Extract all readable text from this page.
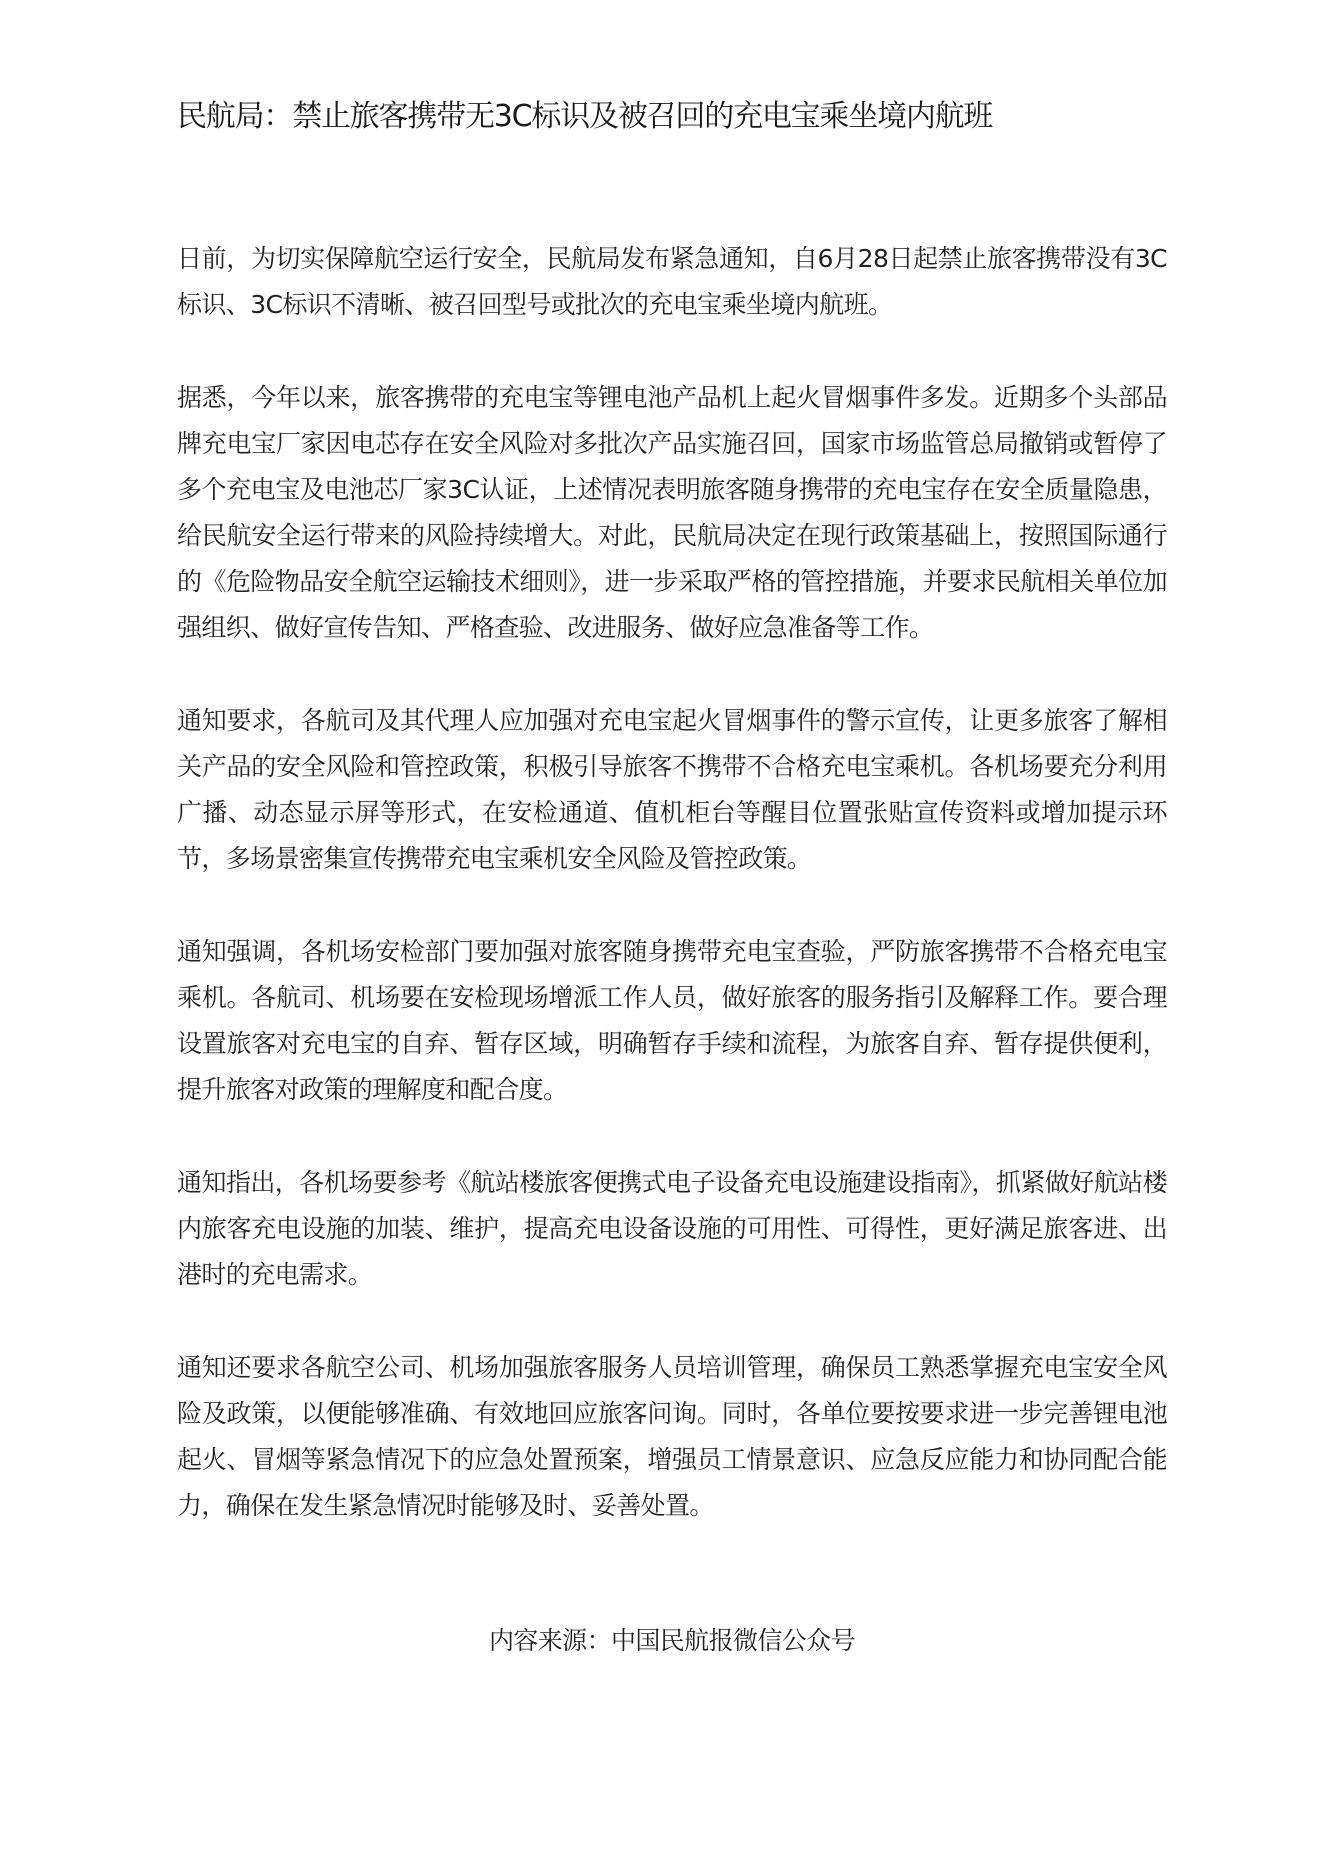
民航局：禁止旅客携带无3C标识及被召回的充电宝乘坐境内航班

日前，为切实保障航空运行安全，民航局发布紧急通知，自6月28日起禁止旅客携带没有3C标识、3C标识不清晰、被召回型号或批次的充电宝乘坐境内航班。

据悉，今年以来，旅客携带的充电宝等锂电池产品机上起火冒烟事件多发。近期多个头部品牌充电宝厂家因电芯存在安全风险对多批次产品实施召回，国家市场监管总局撤销或暂停了多个充电宝及电池芯厂家3C认证，上述情况表明旅客随身携带的充电宝存在安全质量隐患，给民航安全运行带来的风险持续增大。对此，民航局决定在现行政策基础上，按照国际通行的《危险物品安全航空运输技术细则》，进一步采取严格的管控措施，并要求民航相关单位加强组织、做好宣传告知、严格查验、改进服务、做好应急准备等工作。

通知要求，各航司及其代理人应加强对充电宝起火冒烟事件的警示宣传，让更多旅客了解相关产品的安全风险和管控政策，积极引导旅客不携带不合格充电宝乘机。各机场要充分利用广播、动态显示屏等形式，在安检通道、值机柜台等醒目位置张贴宣传资料或增加提示环节，多场景密集宣传携带充电宝乘机安全风险及管控政策。

通知强调，各机场安检部门要加强对旅客随身携带充电宝查验，严防旅客携带不合格充电宝乘机。各航司、机场要在安检现场增派工作人员，做好旅客的服务指引及解释工作。要合理设置旅客对充电宝的自弃、暂存区域，明确暂存手续和流程，为旅客自弃、暂存提供便利，提升旅客对政策的理解度和配合度。

通知指出，各机场要参考《航站楼旅客便携式电子设备充电设施建设指南》，抓紧做好航站楼内旅客充电设施的加装、维护，提高充电设备设施的可用性、可得性，更好满足旅客进、出港时的充电需求。

通知还要求各航空公司、机场加强旅客服务人员培训管理，确保员工熟悉掌握充电宝安全风险及政策，以便能够准确、有效地回应旅客问询。同时，各单位要按要求进一步完善锂电池起火、冒烟等紧急情况下的应急处置预案，增强员工情景意识、应急反应能力和协同配合能力，确保在发生紧急情况时能够及时、妥善处置。

内容来源：中国民航报微信公众号
